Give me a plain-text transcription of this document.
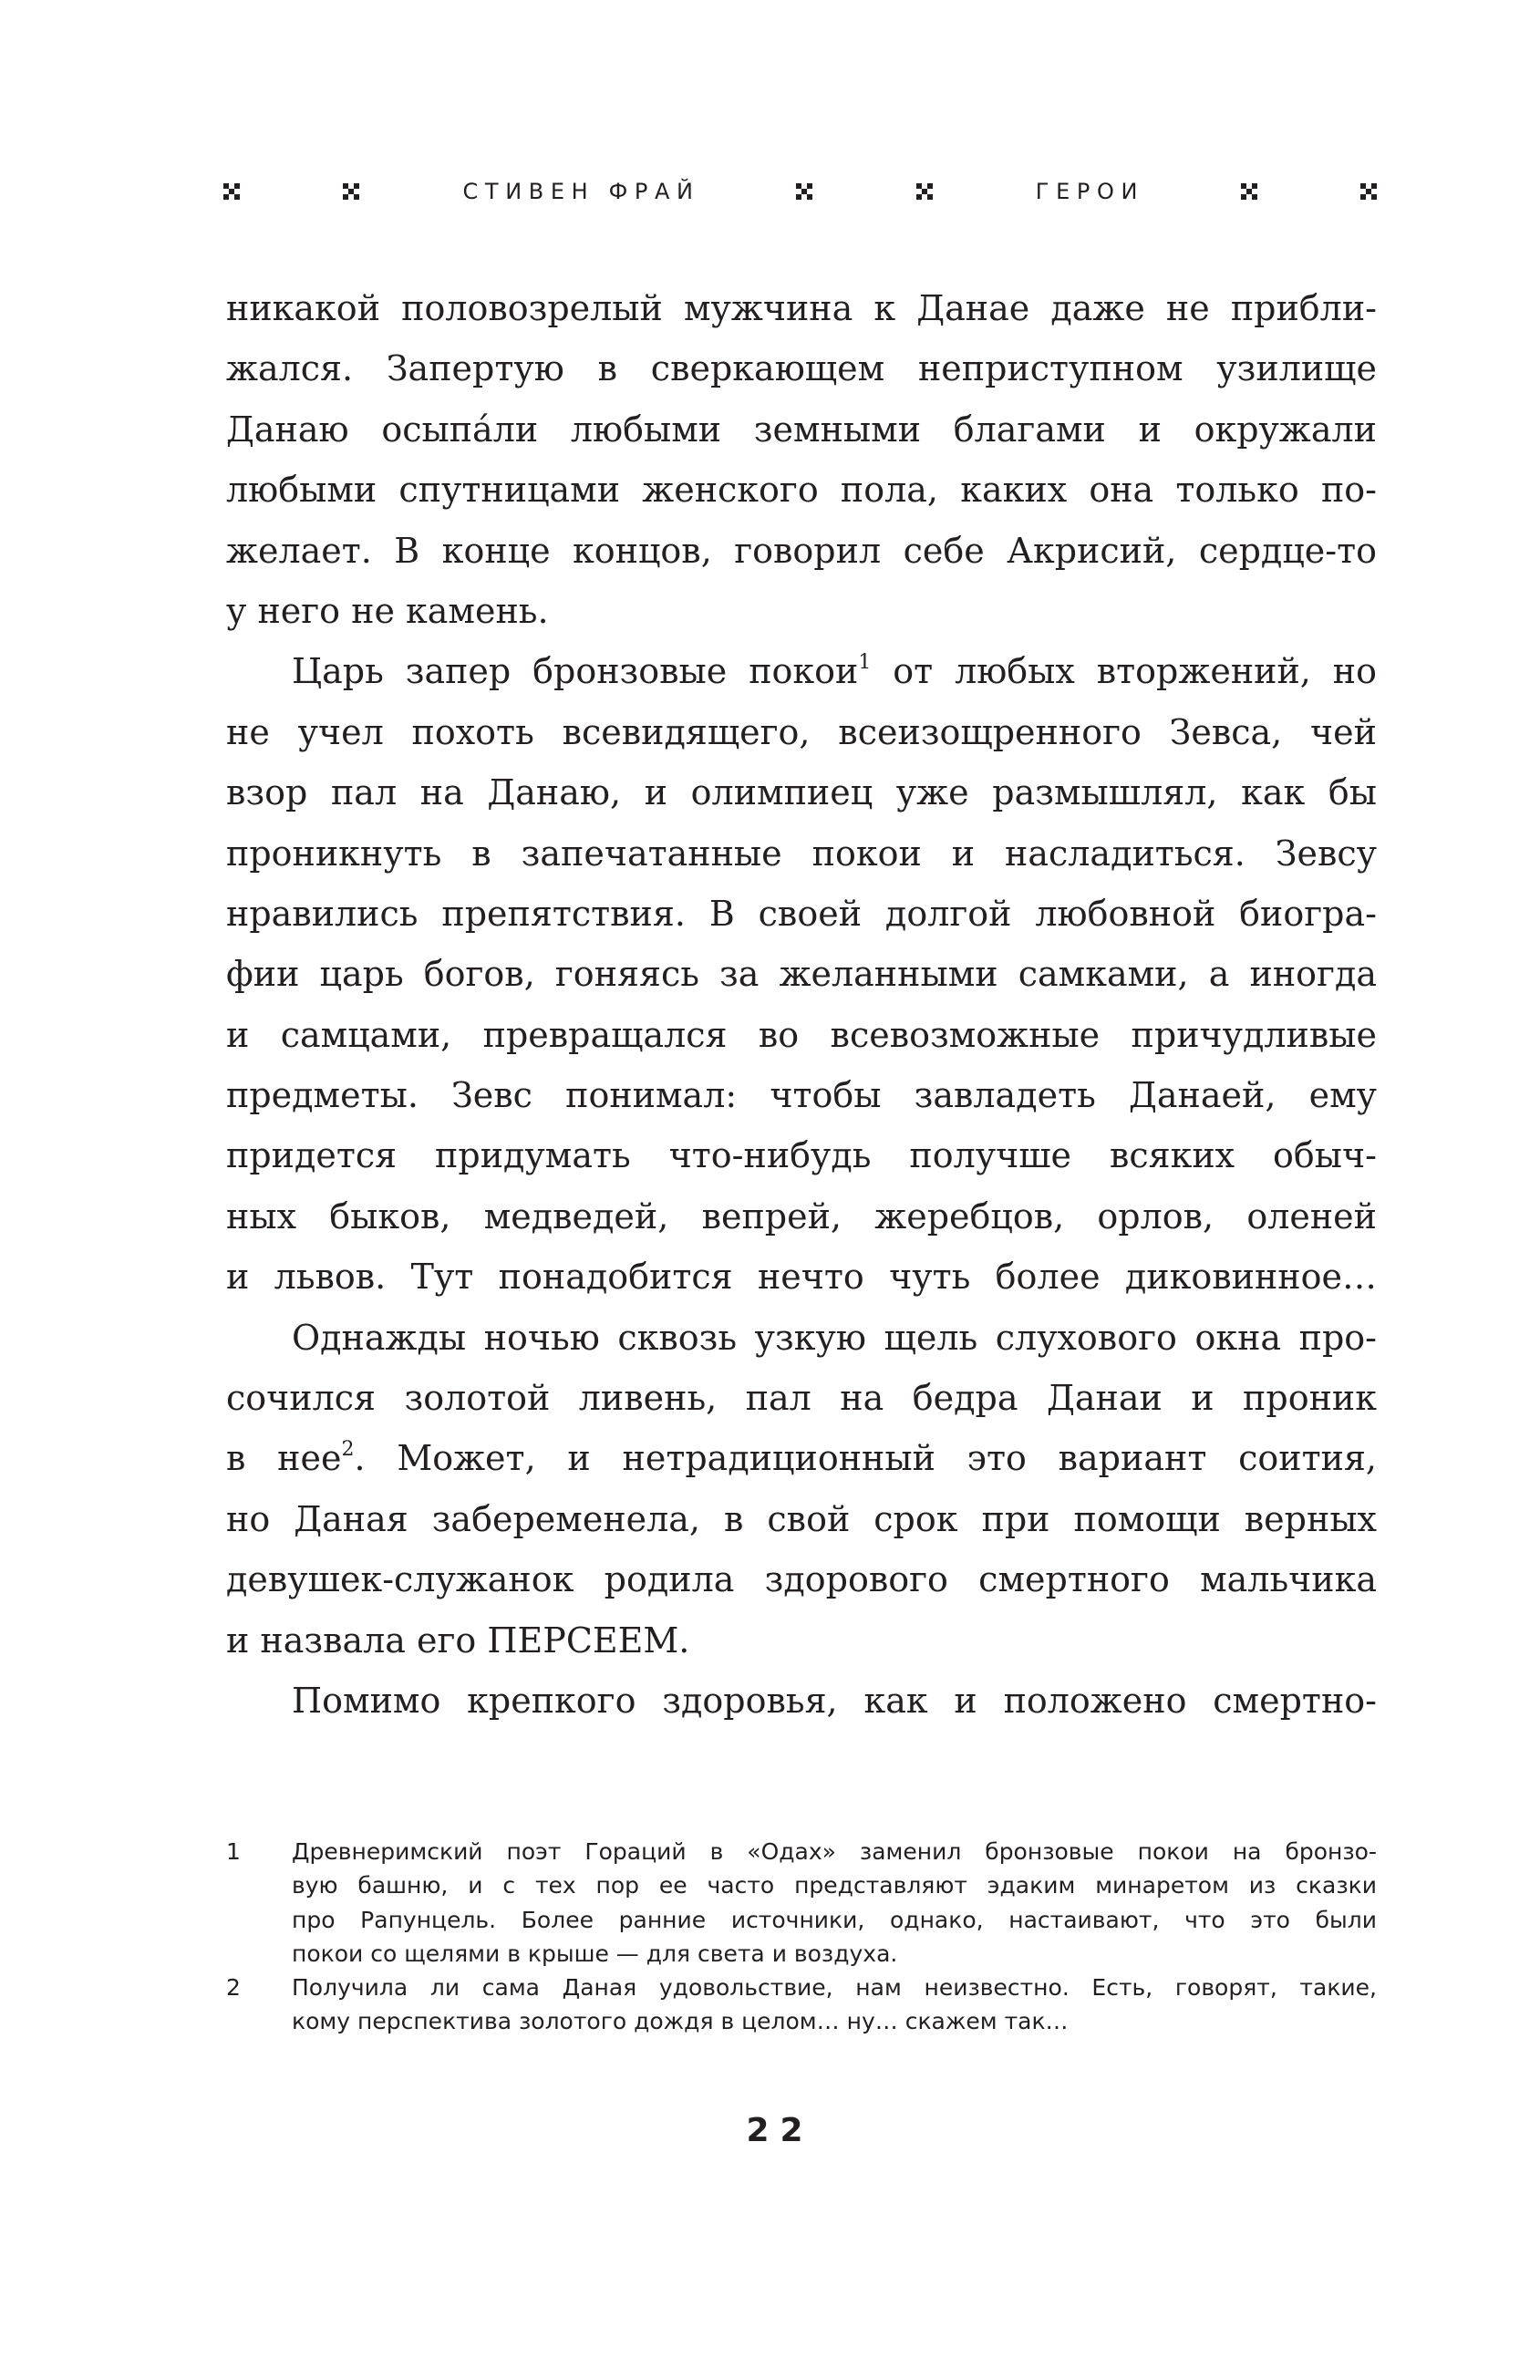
С Т И В Е Н   Ф Р А Й	Г Е Р О И
никакой половозрелый мужчина к Данае даже не прибли-
жался. Запертую в сверкающем неприступном узилище
Данаю осыпáли любыми земными благами и окружали
любыми спутницами женского пола, каких она только по-
желает. В конце концов, говорил себе Акрисий, сердце-то
у него не камень.
Царь запер бронзовые покои$^1$ от любых вторжений, но
не учел похоть всевидящего, всеизощренного Зевса, чей
взор пал на Данаю, и олимпиец уже размышлял, как бы
проникнуть в запечатанные покои и насладиться. Зевсу
нравились препятствия. В своей долгой любовной биогра-
фии царь богов, гоняясь за желанными самками, а иногда
и самцами, превращался во всевозможные причудливые
предметы. Зевс понимал: чтобы завладеть Данаей, ему
придется придумать что-нибудь получше всяких обыч-
ных быков, медведей, вепрей, жеребцов, орлов, оленей
и львов. Тут понадобится нечто чуть более диковинное…
Однажды ночью сквозь узкую щель слухового окна про-
сочился золотой ливень, пал на бедра Данаи и проник
в нее$^2$. Может, и нетрадиционный это вариант соития,
но Даная забеременела, в свой срок при помощи верных
девушек-служанок родила здорового смертного мальчика
и назвала его ПЕРСЕЕМ.
Помимо крепкого здоровья, как и положено смертно-
1	Древнеримский поэт Гораций в «Одах» заменил бронзовые покои на бронзо-
вую башню, и с тех пор ее часто представляют эдаким минаретом из сказки
про Рапунцель. Более ранние источники, однако, настаивают, что это были
покои со щелями в крыше — для света и воздуха.
2	Получила ли сама Даная удовольствие, нам неизвестно. Есть, говорят, такие,
кому перспектива золотого дождя в целом… ну… скажем так…
22
